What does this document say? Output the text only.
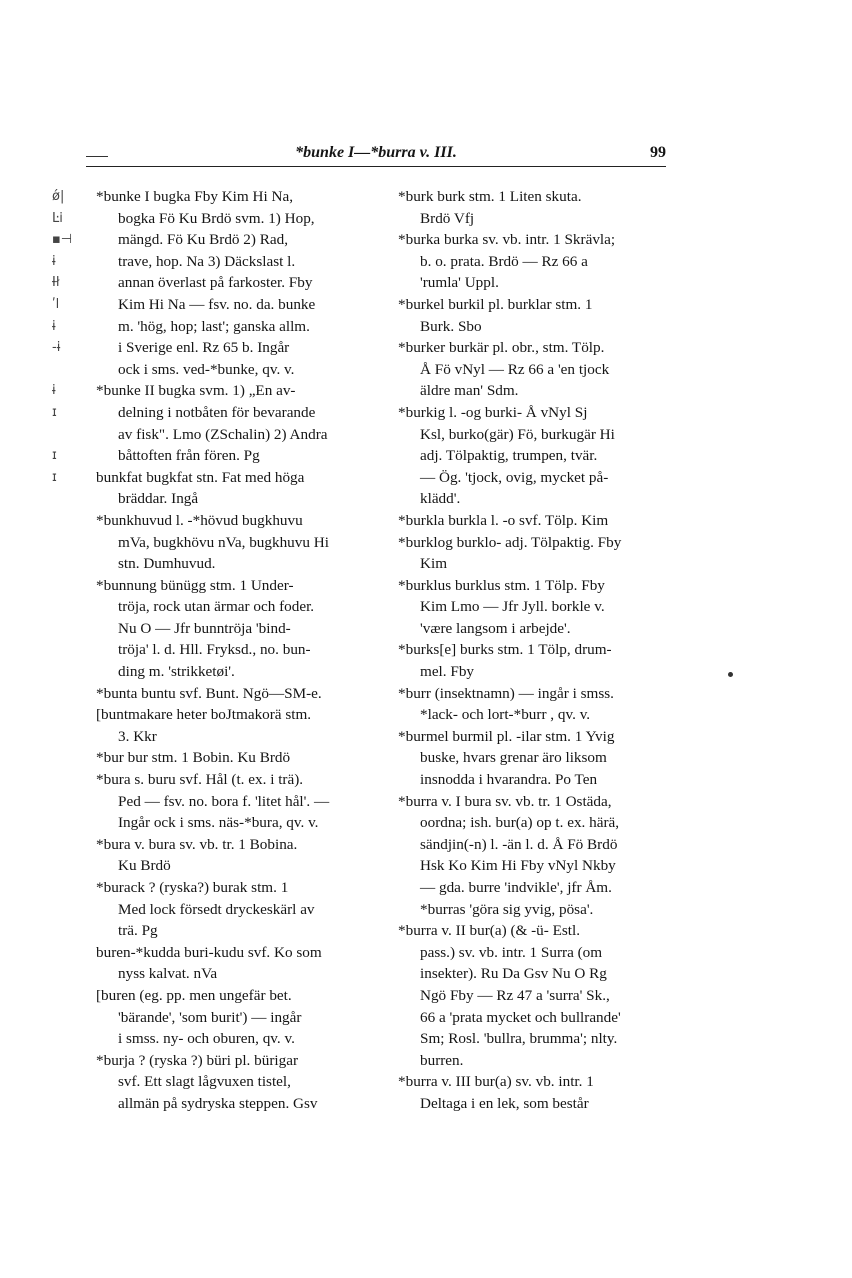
*bunke I—*burra v. III.	99
ǿ|
Ŀi
▪⊣
ɨ
Ɨł
ʹl
ɨ
-ɨ
ɨ
ɪ
ɪ
ɪ
*bunke I bugka Fby Kim Hi Na,
bogka Fö Ku Brdö svm. 1) Hop,
mängd. Fö Ku Brdö 2) Rad,
trave, hop. Na 3) Däckslast l.
annan överlast på farkoster. Fby
Kim Hi Na — fsv. no. da. bunke
m. 'hög, hop; last'; ganska allm.
i Sverige enl. Rz 65 b. Ingår
ock i sms. ved-*bunke, qv. v.
*bunke II bugka svm. 1) „En av-
delning i notbåten för bevarande
av fisk". Lmo (ZSchalin) 2) Andra
båttoften från fören. Pg
bunkfat bugkfat stn. Fat med höga
bräddar. Ingå
*bunkhuvud l. -*hövud bugkhuvu
mVa, bugkhövu nVa, bugkhuvu Hi
stn. Dumhuvud.
*bunnung bünügg stm. 1 Under-
tröja, rock utan ärmar och foder.
Nu O — Jfr bunntröja 'bind-
tröja' l. d. Hll. Fryksd., no. bun-
ding m. 'strikketøi'.
*bunta buntu svf. Bunt. Ngö—SM-e.
[buntmakare heter boJtmakorä stm.
3. Kkr
*bur bur stm. 1 Bobin. Ku Brdö
*bura s. buru svf. Hål (t. ex. i trä).
Ped — fsv. no. bora f. 'litet hål'. —
Ingår ock i sms. näs-*bura, qv. v.
*bura v. bura sv. vb. tr. 1 Bobina.
Ku Brdö
*burack ? (ryska?) burak stm. 1
Med lock försedt dryckeskärl av
trä. Pg
buren-*kudda buri-kudu svf. Ko som
nyss kalvat. nVa
[buren (eg. pp. men ungefär bet.
'bärande', 'som burit') — ingår
i smss. ny- och oburen, qv. v.
*burja ? (ryska ?) büri pl. bürigar
svf. Ett slagt lågvuxen tistel,
allmän på sydryska steppen. Gsv
*burk burk stm. 1 Liten skuta.
Brdö Vfj
*burka burka sv. vb. intr. 1 Skrävla;
b. o. prata. Brdö — Rz 66 a
'rumla' Uppl.
*burkel burkil pl. burklar stm. 1
Burk. Sbo
*burker burkär pl. obr., stm. Tölp.
Å Fö vNyl — Rz 66 a 'en tjock
äldre man' Sdm.
*burkig l. -og burki- Å vNyl Sj
Ksl, burko(gär) Fö, burkugär Hi
adj. Tölpaktig, trumpen, tvär.
— Ög. 'tjock, ovig, mycket på-
klädd'.
*burkla burkla l. -o svf. Tölp. Kim
*burklog burklo- adj. Tölpaktig. Fby
Kim
*burklus burklus stm. 1 Tölp. Fby
Kim Lmo — Jfr Jyll. borkle v.
'være langsom i arbejde'.
*burks[e] burks stm. 1 Tölp, drum-
mel. Fby
*burr (insektnamn) — ingår i smss.
*lack- och lort-*burr , qv. v.
*burmel burmil pl. -ilar stm. 1 Yvig
buske, hvars grenar äro liksom
insnodda i hvarandra. Po Ten
*burra v. I bura sv. vb. tr. 1 Ostäda,
oordna; ish. bur(a) op t. ex. härä,
sändjin(-n) l. -än l. d. Å Fö Brdö
Hsk Ko Kim Hi Fby vNyl Nkby
— gda. burre 'indvikle', jfr Åm.
*burras 'göra sig yvig, pösa'.
*burra v. II bur(a) (& -ü- Estl.
pass.) sv. vb. intr. 1 Surra (om
insekter). Ru Da Gsv Nu O Rg
Ngö Fby — Rz 47 a 'surra' Sk.,
66 a 'prata mycket och bullrande'
Sm; Rosl. 'bullra, brumma'; nlty.
burren.
*burra v. III bur(a) sv. vb. intr. 1
Deltaga i en lek, som består
